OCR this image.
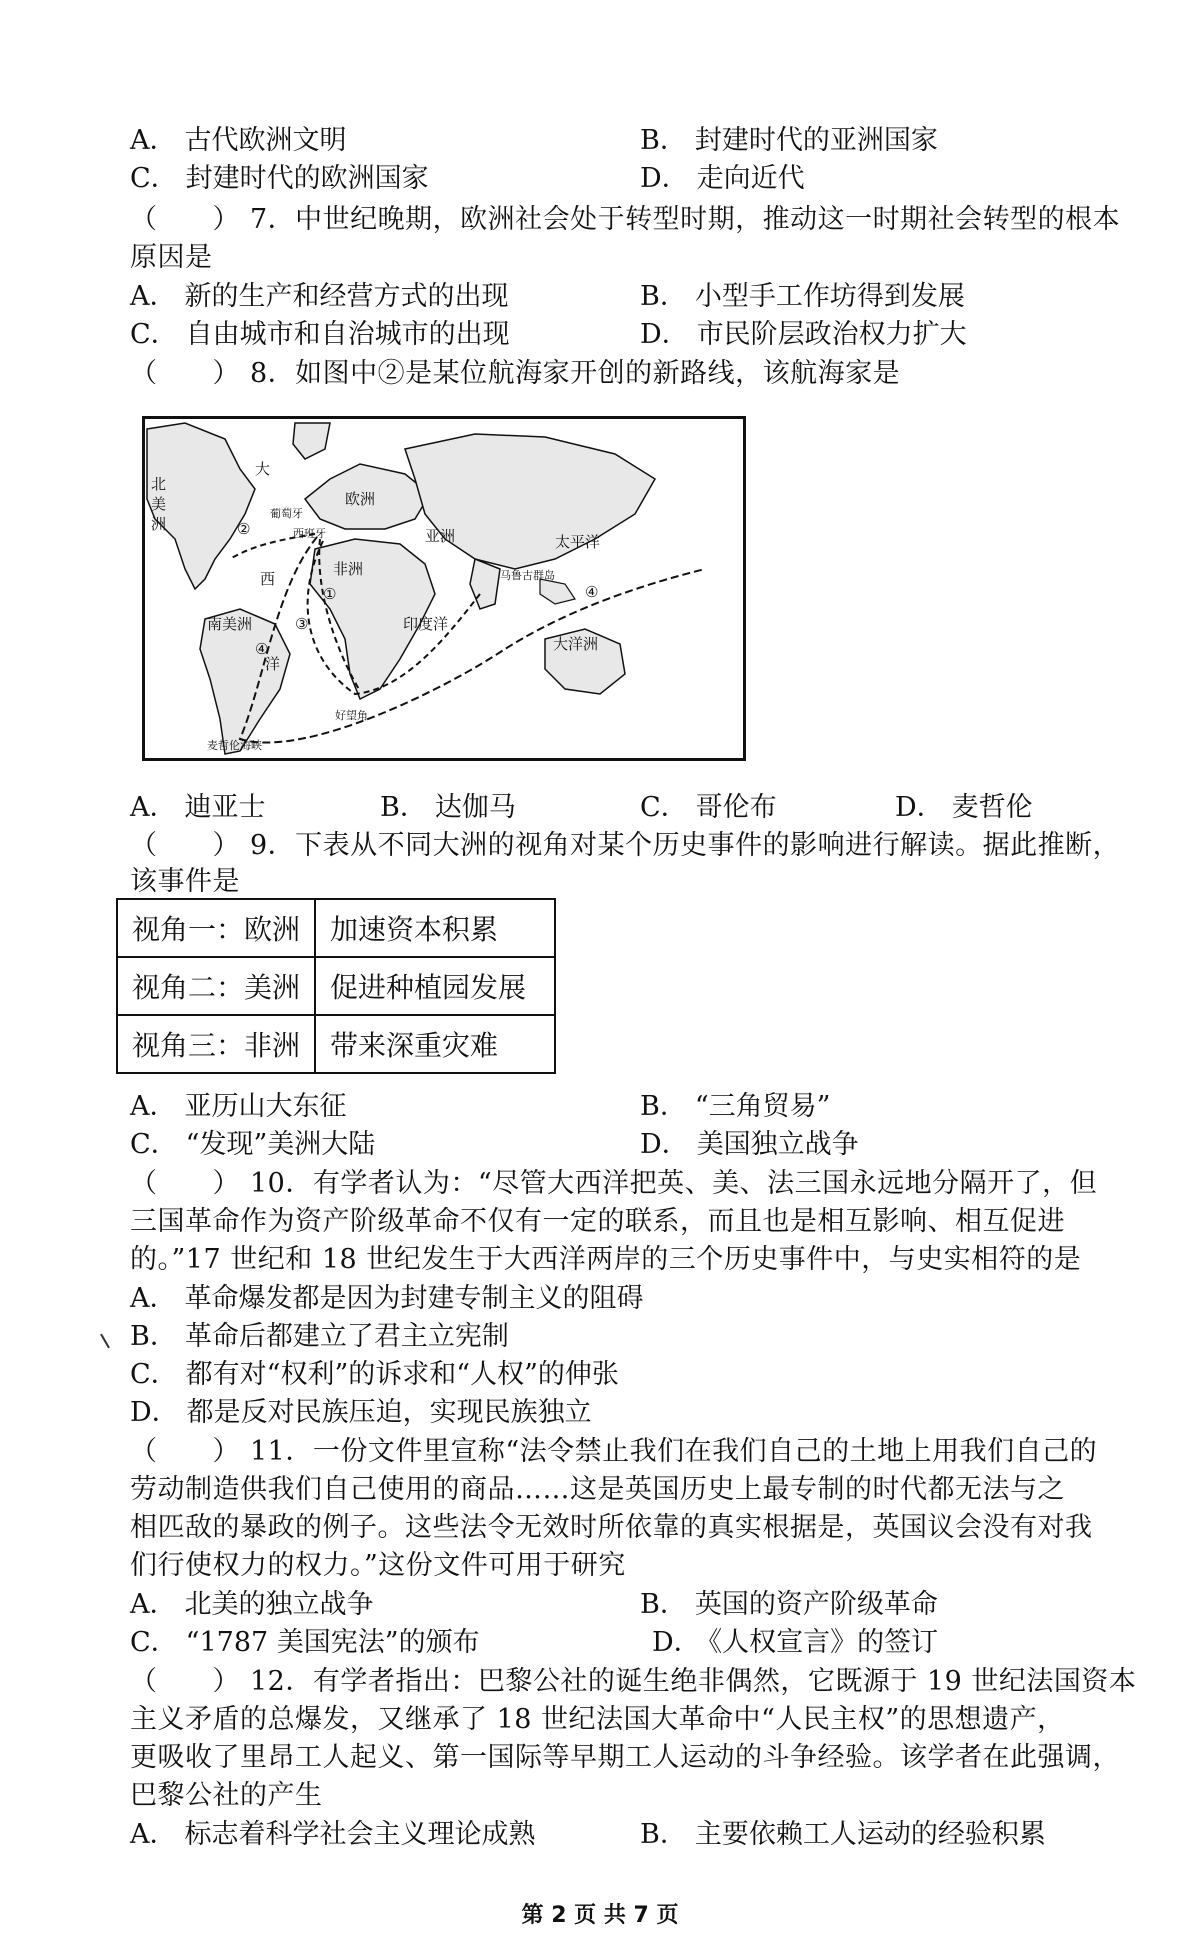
A． 古代欧洲文明	B． 封建时代的亚洲国家
C． 封建时代的欧洲国家	D． 走向近代
（　　） 7．中世纪晚期，欧洲社会处于转型时期，推动这一时期社会转型的根本
原因是
A． 新的生产和经营方式的出现	B． 小型手工作坊得到发展
C． 自由城市和自治城市的出现	D． 市民阶层政治权力扩大
（　　） 8．如图中②是某位航海家开创的新路线，该航海家是
北
美
洲
大
西
洋
欧洲
葡萄牙
西班牙	亚洲
非洲
南美洲	印度洋
太平洋
大洋洲
好望角
马鲁古群岛
麦哲伦海峡
①
②
③
④
④
A． 迪亚士	B． 达伽马	C． 哥伦布	D． 麦哲伦
（　　） 9．下表从不同大洲的视角对某个历史事件的影响进行解读。据此推断，
该事件是
视角一：欧洲	加速资本积累
视角二：美洲	促进种植园发展
视角三：非洲	带来深重灾难
A． 亚历山大东征	B． “三角贸易”
C． “发现”美洲大陆	D． 美国独立战争
（　　） 10．有学者认为：“尽管大西洋把英、美、法三国永远地分隔开了，但
三国革命作为资产阶级革命不仅有一定的联系，而且也是相互影响、相互促进
的。”17 世纪和 18 世纪发生于大西洋两岸的三个历史事件中，与史实相符的是
A． 革命爆发都是因为封建专制主义的阻碍
B． 革命后都建立了君主立宪制
C． 都有对“权利”的诉求和“人权”的伸张
D． 都是反对民族压迫，实现民族独立
（　　） 11．一份文件里宣称“法令禁止我们在我们自己的土地上用我们自己的
劳动制造供我们自己使用的商品……这是英国历史上最专制的时代都无法与之
相匹敌的暴政的例子。这些法令无效时所依靠的真实根据是，英国议会没有对我
们行使权力的权力。”这份文件可用于研究
A． 北美的独立战争	B． 英国的资产阶级革命
C． “1787 美国宪法”的颁布	D． 《人权宣言》的签订
（　　） 12．有学者指出：巴黎公社的诞生绝非偶然，它既源于 19 世纪法国资本
主义矛盾的总爆发，又继承了 18 世纪法国大革命中“人民主权”的思想遗产，
更吸收了里昂工人起义、第一国际等早期工人运动的斗争经验。该学者在此强调，
巴黎公社的产生
A． 标志着科学社会主义理论成熟	B． 主要依赖工人运动的经验积累
第 2 页 共 7 页
